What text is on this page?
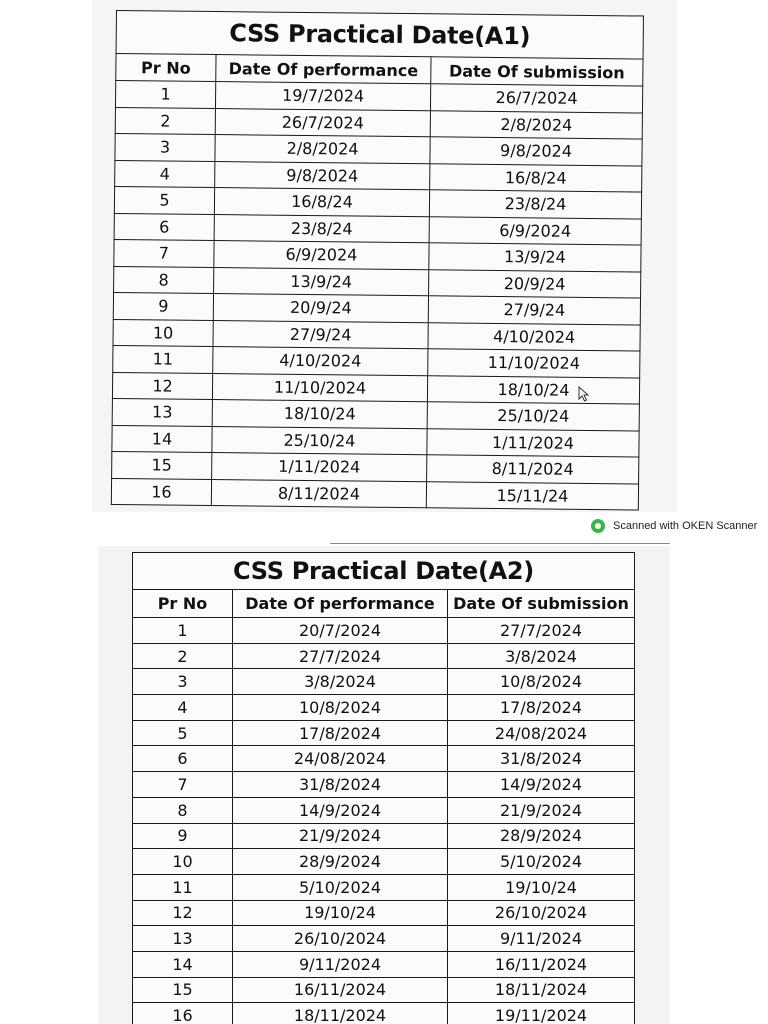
CSS Practical Date(A1)		
Pr No	Date Of performance	Date Of submission
1	19/7/2024	26/7/2024
2	26/7/2024	2/8/2024
3	2/8/2024	9/8/2024
4	9/8/2024	16/8/24
5	16/8/24	23/8/24
6	23/8/24	6/9/2024
7	6/9/2024	13/9/24
8	13/9/24	20/9/24
9	20/9/24	27/9/24
10	27/9/24	4/10/2024
11	4/10/2024	11/10/2024
12	11/10/2024	18/10/24
13	18/10/24	25/10/24
14	25/10/24	1/11/2024
15	1/11/2024	8/11/2024
16	8/11/2024	15/11/24
Scanned with OKEN Scanner
CSS Practical Date(A2)		
Pr No	Date Of performance	Date Of submission
1	20/7/2024	27/7/2024
2	27/7/2024	3/8/2024
3	3/8/2024	10/8/2024
4	10/8/2024	17/8/2024
5	17/8/2024	24/08/2024
6	24/08/2024	31/8/2024
7	31/8/2024	14/9/2024
8	14/9/2024	21/9/2024
9	21/9/2024	28/9/2024
10	28/9/2024	5/10/2024
11	5/10/2024	19/10/24
12	19/10/24	26/10/2024
13	26/10/2024	9/11/2024
14	9/11/2024	16/11/2024
15	16/11/2024	18/11/2024
16	18/11/2024	19/11/2024
